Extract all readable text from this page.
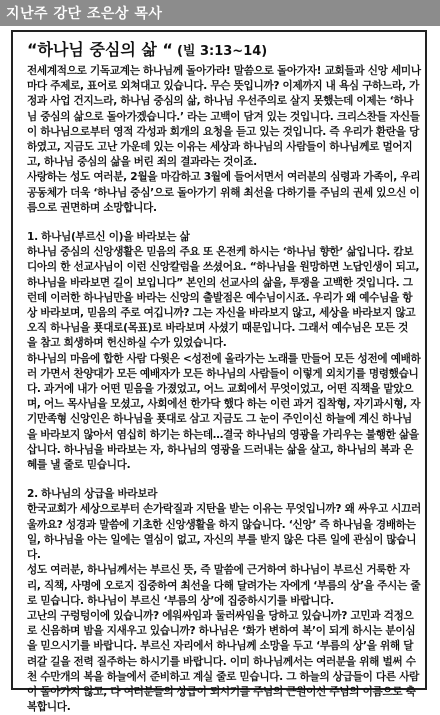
지난주 강단 조은상 목사
“하나님 중심의 삶 “ (빌 3:13~14)

전세계적으로 기독교계는 하나님께 돌아가라! 말씀으로 돌아가자! 교회들과 신앙 세미나마다 주제로, 표어로 외쳐대고 있습니다. 무슨 뜻입니까? 이제까지 내 욕심 구하느라, 가정과 사업 건지느라, 하나님 중심의 삶, 하나님 우선주의로 살지 못했는데 이제는 ‘하나님 중심의 삶으로 돌아가겠습니다.’ 라는 고백이 담겨 있는 것입니다. 크리스찬들 자신들이 하나님으로부터 영적 각성과 회개의 요청을 듣고 있는 것입니다. 즉 우리가 환란을 당하였고, 지금도 고난 가운데 있는 이유는 세상과 하나님의 사람들이 하나님께로 멀어지고, 하나님 중심의 삶을 버린 죄의 결과라는 것이죠.

사랑하는 성도 여러분, 2월을 마감하고 3월에 들어서면서 여러분의 심령과 가족이, 우리 공동체가 더욱 ‘하나님 중심’으로 돌아가기 위해 최선을 다하기를 주님의 권세 있으신 이름으로 권면하며 소망합니다.

1. 하나님(부르신 이)을 바라보는 삶

하나님 중심의 신앙생활은 믿음의 주요 또 온전케 하시는 ‘하나님 향한’ 삶입니다. 캄보디아의 한 선교사님이 이런 신앙칼럼을 쓰셨어요. “하나님을 원망하면 노답인생이 되고, 하나님을 바라보면 길이 보입니다” 본인의 선교사의 삶을, 투쟁을 고백한 것입니다. 그런데 이러한 하나님만을 바라는 신앙의 출발점은 예수님이시죠. 우리가 왜 예수님을 항상 바라보며, 믿음의 주로 여깁니까? 그는 자신을 바라보지 않고, 세상을 바라보지 않고 오직 하나님을 푯대로(목표)로 바라보며 사셨기 때문입니다. 그래서 예수님은 모든 것 을 참고 희생하며 헌신하실 수가 있었습니다.

하나님의 마음에 합한 사람 다윗은 <성전에 올라가는 노래를 만들어 모든 성전에 예배하러 가면서 찬양대가 모든 예배자가 모든 하나님의 사람들이 이렇게 외치기를 명령했습니다. 과거에 내가 어떤 믿음을 가졌었고, 어느 교회에서 무엇이었고, 어떤 직책을 맡았으며, 어느 목사님을 모셨고, 사회에선 한가닥 했다 하는 이런 과거 집착형, 자기과시형, 자기만족형 신앙인은 하나님을 푯대로 삼고 지금도 그 눈이 주인이신 하늘에 계신 하나님을 바라보지 않아서 염십히 하기는 하는데…결국 하나님의 영광을 가리우는 불행한 삶을 삽니다. 하나님을 바라보는 자, 하나님의 영광을 드러내는 삶을 살고, 하나님의 복과 은혜를 낼 줄로 믿습니다.

2. 하나님의 상급을 바라보라

한국교회가 세상으로부터 손가락질과 지탄을 받는 이유는 무엇입니까? 왜 싸우고 시끄러울까요? 성경과 말씀에 기초한 신앙생활을 하지 않습니다. ‘신앙’ 즉 하나님을 경배하는 일, 하나님을 아는 일에는 열심이 없고, 자신의 부를 받지 않은 다른 일에 관심이 많습니다.

성도 여러분, 하나님께서는 부르신 뜻, 즉 말씀에 근거하여 하나님이 부르신 거룩한 자리, 직책, 사명에 오로지 집중하여 최선을 다해 달려가는 자에게 ‘부름의 상’을 주시는 줄로 믿습니다. 하나님이 부르신 ‘부름의 상’에 집중하시기를 바랍니다.

고난의 구렁텅이에 있습니까? 에워싸임과 둘러싸임을 당하고 있습니까? 고민과 걱정으로 신음하며 밤을 지새우고 있습니까? 하나님은 ‘화가 변하여 복’이 되게 하시는 분이심을 믿으시기를 바랍니다. 부르신 자리에서 하나님께 소망을 두고 ‘부름의 상’을 위해 달려갈 길을 전력 질주하는 하시기를 바랍니다. 이미 하나님께서는 여러분을 위해 벌써 수천 수만개의 복을 하늘에서 준비하고 계실 줄로 믿습니다. 그 하늘의 상급들이 다른 사람이 돌아가지 않고, 다 여러분들의 상급이 되시기를 주님의 근원이신 주님의 이름으로 축복합니다.
